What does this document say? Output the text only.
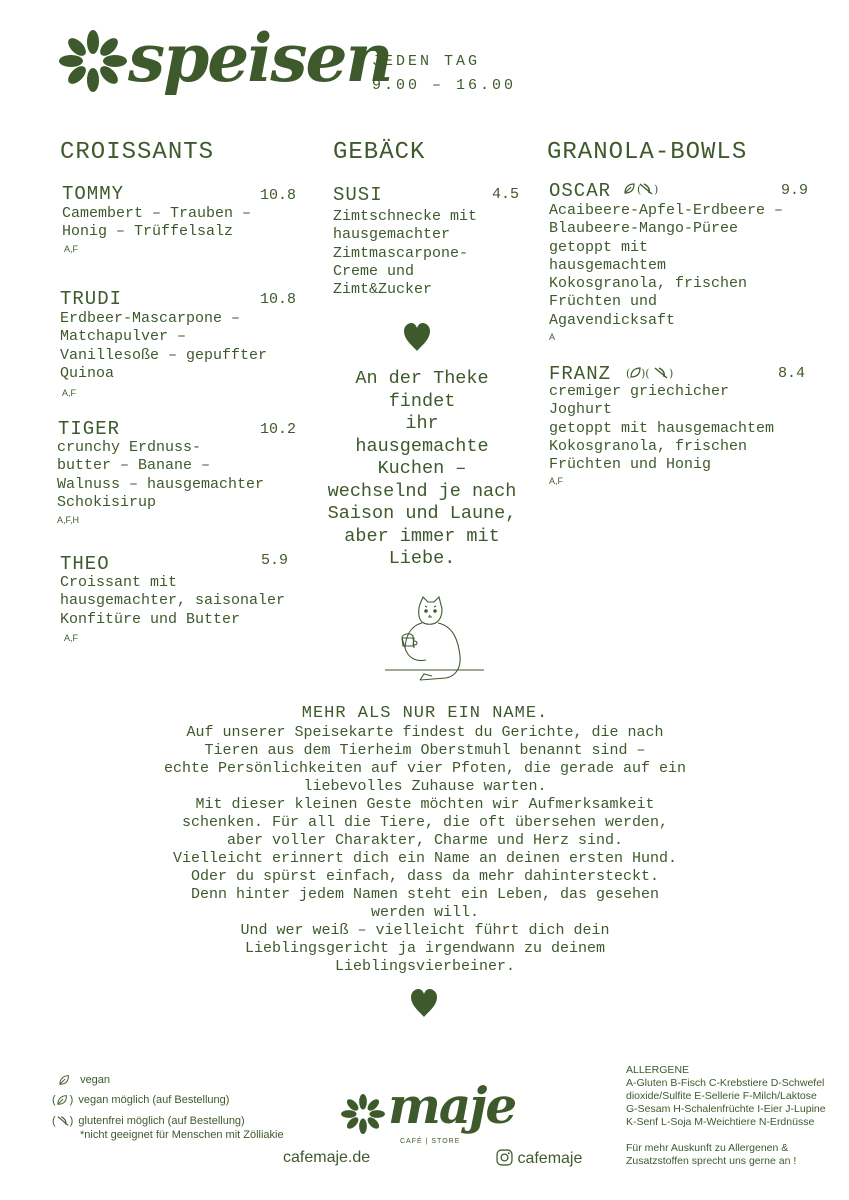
speisen
JEDEN TAG
9.00 – 16.00
CROISSANTS	GEBÄCK	GRANOLA-BOWLS
TOMMY	10.8
Camembert – Trauben –
Honig – Trüffelsalz
A,F
TRUDI	10.8
Erdbeer-Mascarpone –
Matchapulver –
Vanillesoße – gepuffter
Quinoa
A,F
TIGER	10.2
crunchy Erdnuss-
butter – Banane –
Walnuss – hausgemachter
Schokisirup
A,F,H
THEO	5.9
Croissant mit
hausgemachter, saisonaler
Konfitüre und Butter
A,F
SUSI	4.5
Zimtschnecke mit
hausgemachter
Zimtmascarpone-
Creme und
Zimt&Zucker
An der Theke
findet
ihr
hausgemachte
Kuchen –
wechselnd je nach
Saison und Laune,
aber immer mit
Liebe.
OSCAR	)
(	9.9
Acaibeere-Apfel-Erdbeere –
Blaubeere-Mango-Püree
getoppt mit
hausgemachtem
Kokosgranola, frischen
Früchten und
Agavendicksaft
A
FRANZ ( )( )	8.4
cremiger griechicher
Joghurt
getoppt mit hausgemachtem
Kokosgranola, frischen
Früchten und Honig
A,F
MEHR ALS NUR EIN NAME.
Auf unserer Speisekarte findest du Gerichte, die nach
Tieren aus dem Tierheim Oberstmuhl benannt sind –
echte Persönlichkeiten auf vier Pfoten, die gerade auf ein
liebevolles Zuhause warten.
Mit dieser kleinen Geste möchten wir Aufmerksamkeit
schenken. Für all die Tiere, die oft übersehen werden,
aber voller Charakter, Charme und Herz sind.
Vielleicht erinnert dich ein Name an deinen ersten Hund.
Oder du spürst einfach, dass da mehr dahintersteckt.
Denn hinter jedem Namen steht ein Leben, das gesehen
werden will.
Und wer weiß – vielleicht führt dich dein
Lieblingsgericht ja irgendwann zu deinem
Lieblingsvierbeiner.
vegan
( ) vegan möglich (auf Bestellung)
( ) glutenfrei möglich (auf Bestellung)
*nicht geeignet für Menschen mit Zölliakie maje
CAFÉ | STORE
cafemaje.de	cafemaje
ALLERGENE
A-Gluten B-Fisch C-Krebstiere D-Schwefel
dioxide/Sulfite E-Sellerie F-Milch/Laktose
G-Sesam H-Schalenfrüchte I-Eier J-Lupine
K-Senf L-Soja M-Weichtiere N-Erdnüsse
Für mehr Auskunft zu Allergenen &
Zusatzstoffen sprecht uns gerne an !
